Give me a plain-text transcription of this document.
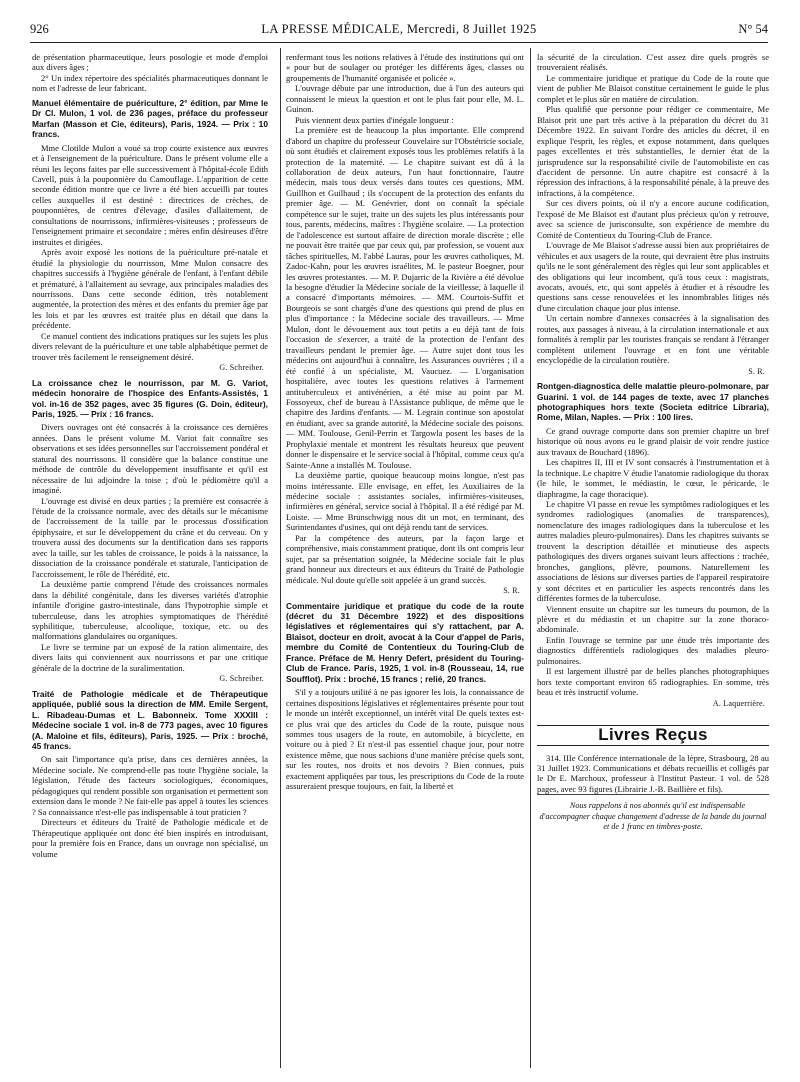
926	LA PRESSE MÉDICALE, Mercredi, 8 Juillet 1925	N° 54

de présentation pharmaceutique, leurs posologie et mode d'emploi aux divers âges ;

2° Un index répertoire des spécialités pharmaceutiques donnant le nom et l'adresse de leur fabricant.

Manuel élémentaire de puériculture, 2° édition, par Mme le Dr Cl. Mulon, 1 vol. de 236 pages, préface du professeur Marfan (Masson et Cie, éditeurs), Paris, 1924. — Prix : 10 francs.

Mme Clotilde Mulon a voué sa trop courte existence aux œuvres et à l'enseignement de la puériculture. Dans le présent volume elle a réuni les leçons faites par elle successivement à l'hôpital-école Edith Cavell, puis à la pouponnière du Camouflage. L'apparition de cette seconde édition montre que ce livre a été bien accueilli par toutes celles auxquelles il est destiné : directrices de crèches, de pouponnières, de centres d'élevage, d'asiles d'allaitement, de consultations de nourrissons, infirmières-visiteuses ; professeurs de l'enseignement primaire et secondaire ; mères enfin désireuses d'être instruites et dirigées.

Après avoir exposé les notions de la puériculture pré-natale et étudié la physiologie du nourrisson, Mme Mulon consacre des chapitres successifs à l'hygiène générale de l'enfant, à l'enfant débile et prématuré, à l'allaitement au sevrage, aux principales maladies des nourrissons. Dans cette seconde édition, très notablement augmentée, la protection des mères et des enfants du premier âge par les lois et par les œuvres est traitée plus en détail que dans la précédente.

Ce manuel contient des indications pratiques sur les sujets les plus divers relevant de la puériculture et une table alphabétique permet de trouver très facilement le renseignement désiré.

G. Schreiber.

La croissance chez le nourrisson, par M. G. Variot, médecin honoraire de l'hospice des Enfants-Assistés, 1 vol. in-16 de 352 pages, avec 35 figures (G. Doin, éditeur), Paris, 1925. — Prix : 16 francs.

Divers ouvrages ont été consacrés à la croissance ces dernières années. Dans le présent volume M. Variot fait connaître ses observations et ses idées personnelles sur l'accroissement pondéral et statural des nourrissons. Il considère que la balance constitue une méthode de contrôle du développement insuffisante et qu'il est nécessaire de lui adjoindre la toise ; d'où le pédiomètre qu'il a imaginé.

L'ouvrage est divisé en deux parties ; la première est consacrée à l'étude de la croissance normale, avec des détails sur le mécanisme de l'accroissement de la taille par le processus d'ossification épiphysaire, et sur le développement du crâne et du cerveau. On y trouvera aussi des documents sur la dentification dans ses rapports avec la taille, sur les tables de croissance, le poids à la naissance, la dissociation de la croissance pondérale et staturale, l'anticipation de l'accroissement, le rôle de l'hérédité, etc.

La deuxième partie comprend l'étude des croissances normales dans la débilité congénitale, dans les diverses variétés d'atrophie infantile d'origine gastro-intestinale, dans l'hypotrophie simple et tuberculeuse, dans les atrophies symptomatiques de l'hérédité syphilitique, tuberculeuse, alcoolique, toxique, etc. ou des malformations glandulaires ou organiques.

Le livre se termine par un exposé de la ration alimentaire, des divers laits qui conviennent aux nourrissons et par une critique générale de la doctrine de la suralimentation.

G. Schreiber.

Traité de Pathologie médicale et de Thérapeutique appliquée, publié sous la direction de MM. Emile Sergent, L. Ribadeau-Dumas et L. Babonneix. Tome XXXIII : Médecine sociale 1 vol. in-8 de 773 pages, avec 10 figures (A. Maloine et fils, éditeurs), Paris, 1925. — Prix : broché, 45 francs.

On sait l'importance qu'a prise, dans ces dernières années, la Médecine sociale. Ne comprend-elle pas toute l'hygiène sociale, la législation, l'étude des facteurs sociologiques, économiques, pédagogiques qui rendent possible son organisation et permettent son extension dans le monde ? Ne fait-elle pas appel à toutes les sciences ? Sa connaissance n'est-elle pas indispensable à tout praticien ?

Directeurs et éditeurs du Traité de Pathologie médicale et de Thérapeutique appliquée ont donc été bien inspirés en introduisant, pour la première fois en France, dans un ouvrage non spécialisé, un volume

renfermant tous les notions relatives à l'étude des institutions qui ont « pour but de soulager ou protéger les différents âges, classes ou groupements de l'humanité organisée et policée ».

L'ouvrage débute par une introduction, due à l'un des auteurs qui connaissent le mieux la question et ont le plus fait pour elle, M. L. Guinon.

Puis viennent deux parties d'inégale longueur :

La première est de beaucoup la plus importante. Elle comprend d'abord un chapitre du professeur Couvelaire sur l'Obstétricie sociale, où sont étudiés et clairement exposés tous les problèmes relatifs à la protection de la maternité. — Le chapitre suivant est dû à la collaboration de deux auteurs, l'un haut fonctionnaire, l'autre médecin, mais tous deux versés dans toutes ces questions, MM. Guillhon et Guilhaud ; ils s'occupent de la protection des enfants du premier âge. — M. Genévrier, dont on connaît la spéciale compétence sur le sujet, traite un des sujets les plus intéressants pour tous, parents, médecins, maîtres : l'hygiène scolaire. — La protection de l'adolescence est surtout affaire de direction morale discrète ; elle ne pouvait être traitée que par ceux qui, par profession, se vouent aux tâches spirituelles, M. l'abbé Lauras, pour les œuvres catholiques, M. Zadoc-Kahn, pour les œuvres israélites, M. le pasteur Boegner, pour les œuvres protestantes. — M. P. Dujarric de la Rivière a été dévolue la besogne d'étudier la Médecine sociale de la vieillesse, à laquelle il a consacré d'importants mémoires. — MM. Courtois-Suffit et Bourgeois se sont chargés d'une des questions qui prend de plus en plus d'importance : la Médecine sociale des travailleurs. — Mme Mulon, dont le dévouement aux tout petits a eu déjà tant de fois l'occasion de s'exercer, a traité de la protection de l'enfant des travailleurs pendant le premier âge. — Autre sujet dont tous les médecins ont aujourd'hui à connaître, les Assurances ouvrières ; il a été confié à un spécialiste, M. Vaucuez. — L'organisation hospitalière, avec toutes les questions relatives à l'armement antituberculeux et antivénérien, a été mise au point par M. Fossoyeux, chef de bureau à l'Assistance publique, de même que le chapitre des Jardins d'enfants. — M. Legrain continue son apostolat en étudiant, avec sa grande autorité, la Médecine sociale des poisons. — MM. Toulouse, Genil-Perrin et Targowla posent les bases de la Prophylaxie mentale et montrent les résultats heureux que peuvent donner le dispensaire et le service social à l'hôpital, comme ceux qu'a Sainte-Anne a installés M. Toulouse.

La deuxième partie, quoique beaucoup moins longue, n'est pas moins intéressante. Elle envisage, en effet, les Auxiliaires de la médecine sociale : assistantes sociales, infirmières-visiteuses, infirmières en général, service social à l'hôpital. Il a été rédigé par M. Loiste. — Mme Brunschwigg nous dit un mot, en terminant, des Surintendantes d'usines, qui ont déjà rendu tant de services.

Par la compétence des auteurs, par la façon large et compréhensive, mais constamment pratique, dont ils ont compris leur sujet, par sa présentation soignée, la Médecine sociale fait le plus grand honneur aux directeurs et aux éditeurs du Traité de Pathologie médicale. Nul doute qu'elle soit appelée à un grand succès.

S. R.

Commentaire juridique et pratique du code de la route (décret du 31 Décembre 1922) et des dispositions législatives et réglementaires qui s'y rattachent, par A. Blaisot, docteur en droit, avocat à la Cour d'appel de Paris, membre du Comité de Contentieux du Touring-Club de France. Préface de M. Henry Defert, président du Touring-Club de France. Paris, 1925, 1 vol. in-8 (Rousseau, 14, rue Soufflot). Prix : broché, 15 francs ; relié, 20 francs.

S'il y a toujours utilité à ne pas ignorer les lois, la connaissance de certaines dispositions législatives et réglementaires présente pour tout le monde un intérêt exceptionnel, un intérêt vital De quels textes est-ce plus vrai que des articles du Code de la route, puisque nous sommes tous usagers de la route, en automobile, à bicyclette, en voiture ou à pied ? Et n'est-il pas essentiel chaque jour, pour notre existence même, que nous sachions d'une manière précise quels sont, sur les routes, nos droits et nos devoirs ? Bien connues, puis exactement appliquées par tous, les prescriptions du Code de la route assureraient presque toujours, en fait, la liberté et

la sécurité de la circulation. C'est assez dire quels progrès se trouveraient réalisés.

Le commentaire juridique et pratique du Code de la route que vient de publier Me Blaisot constitue certainement le guide le plus complet et le plus sûr en matière de circulation.

Plus qualifié que personne pour rédiger ce commentaire, Me Blaisot prit une part très active à la préparation du décret du 31 Décembre 1922. En suivant l'ordre des articles du décret, il en explique l'esprit, les règles, et expose notamment, dans quelques pages excellentes et très substantielles, le dernier état de la jurisprudence sur la responsabilité civile de l'automobiliste en cas d'accident de personne. Un autre chapitre est consacré à la répression des infractions, à la responsabilité pénale, à la preuve des infractions, à la compétence.

Sur ces divers points, où il n'y a encore aucune codification, l'exposé de Me Blaisot est d'autant plus précieux qu'on y retrouve, avec sa science de jurisconsulte, son expérience de membre du Comité de Contentieux du Touring-Club de France.

L'ouvrage de Me Blaisot s'adresse aussi bien aux propriétaires de véhicules et aux usagers de la route, qui devraient être plus instruits qu'ils ne le sont généralement des règles qui leur sont applicables et des obligations qui leur incombent, qu'à tous ceux : magistrats, avocats, avoués, etc, qui sont appelés à étudier et à résoudre les questions sans cesse renouvelées et les innombrables litiges nés d'une circulation chaque jour plus intense.

Un certain nombre d'annexes consacrées à la signalisation des routes, aux passages à niveau, à la circulation internationale et aux formalités à remplir par les touristes français se rendant à l'étranger complètent utilement l'ouvrage et en font une véritable encyclopédie de la circulation routière.

S. R.

Rontgen-diagnostica delle malattie pleuro-polmonare, par Guarini. 1 vol. de 144 pages de texte, avec 17 planches photographiques hors texte (Societa editrice Libraria), Rome, Milan, Naples. — Prix : 100 lires.

Ce grand ouvrage comporte dans son premier chapitre un bref historique où nous avons eu le grand plaisir de voir rendre justice aux travaux de Bouchard (1896).

Les chapitres II, III et IV sont consacrés à l'instrumentation et à la technique. Le chapitre V étudie l'anatomie radiologique du thorax (le hile, le sommet, le médiastin, le cœur, le péricarde, le diaphragme, la cage thoracique).

Le chapitre VI passe en revue les symptômes radiologiques et les syndromes radiologiques (anomalies de transparences), nomenclature des images radiologiques dans la tuberculose et les autres maladies pleuro-pulmonaires). Dans les chapitres suivants se trouvent la description détaillée et minutieuse des aspects pathologiques des divers organes suivant leurs affections : trachée, bronches, ganglions, plèvre, poumons. Naturellement les associations de lésions sur diverses parties de l'appareil respiratoire y sont décrites et en particulier les aspects rencontrés dans les différentes formes de la tuberculose.

Viennent ensuite un chapitre sur les tumeurs du poumon, de la plèvre et du médiastin et un chapitre sur la zone thoraco-abdominale.

Enfin l'ouvrage se termine par une étude très importante des diagnostics différentiels radiologiques des maladies pleuro-pulmonaires.

Il est largement illustré par de belles planches photographiques hors texte comportant environ 65 radiographies. En somme, très beau et très instructif volume.

A. Laquerrière.

Livres Reçus

314. IIIe Conférence internationale de la lèpre, Strasbourg, 28 au 31 Juillet 1923. Communications et débats recueillis et colligés par le Dr E. Marchoux, professeur à l'Institut Pasteur. 1 vol. de 528 pages, avec 93 figures (Librairie J.-B. Baillière et fils).

Nous rappelons à nos abonnés qu'il est indispensable d'accompagner chaque changement d'adresse de la bande du journal et de 1 franc en timbres-poste.
